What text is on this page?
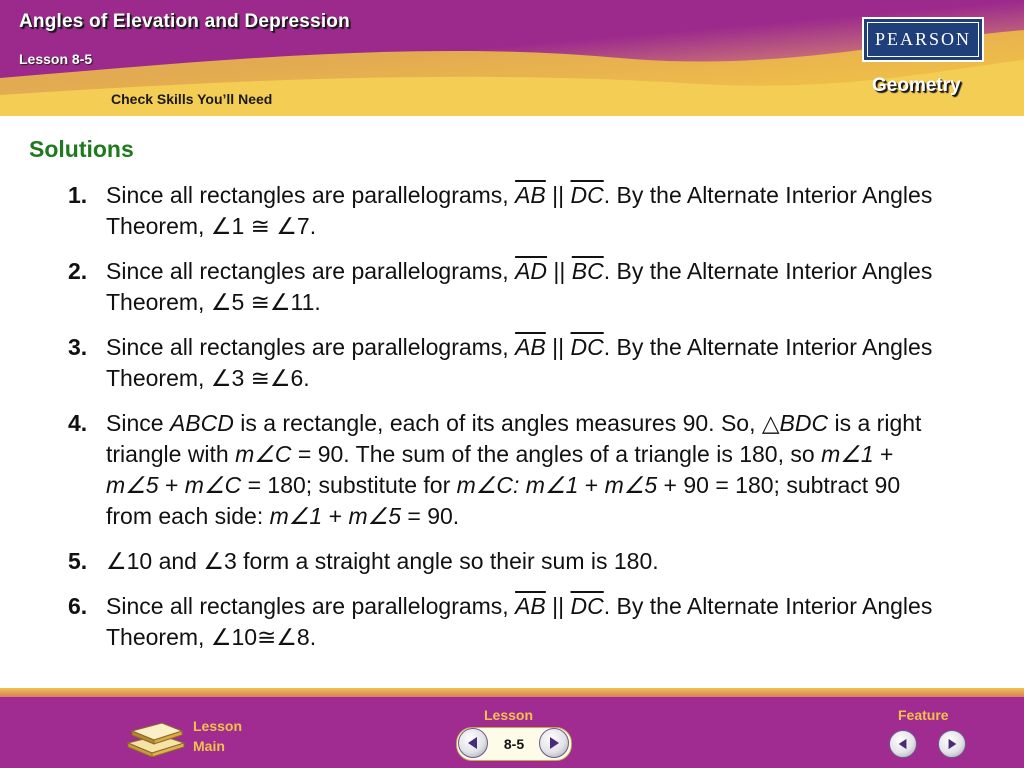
Angles of Elevation and Depression
Lesson 8-5
Check Skills You’ll Need
PEARSON
Geometry
Solutions
1. Since all rectangles are parallelograms, $\overline{AB}$ || $\overline{DC}$. By the Alternate Interior Angles Theorem, ∠1 ≅ ∠7.
2. Since all rectangles are parallelograms, $\overline{AD}$ || $\overline{BC}$. By the Alternate Interior Angles Theorem, ∠5 ≅∠11.
3. Since all rectangles are parallelograms, $\overline{AB}$ || $\overline{DC}$. By the Alternate Interior Angles Theorem, ∠3 ≅∠6.
4. Since ABCD is a rectangle, each of its angles measures 90. So, △BDC is a right triangle with m∠C = 90. The sum of the angles of a triangle is 180, so m∠1 + m∠5 + m∠C = 180; substitute for m∠C: m∠1 + m∠5 + 90 = 180; subtract 90 from each side: m∠1 + m∠5 = 90.
5. ∠10 and ∠3 form a straight angle so their sum is 180.
6. Since all rectangles are parallelograms, $\overline{AB}$ || $\overline{DC}$. By the Alternate Interior Angles Theorem, ∠10≅∠8.
Lesson
Main
Lesson
8-5
Feature
